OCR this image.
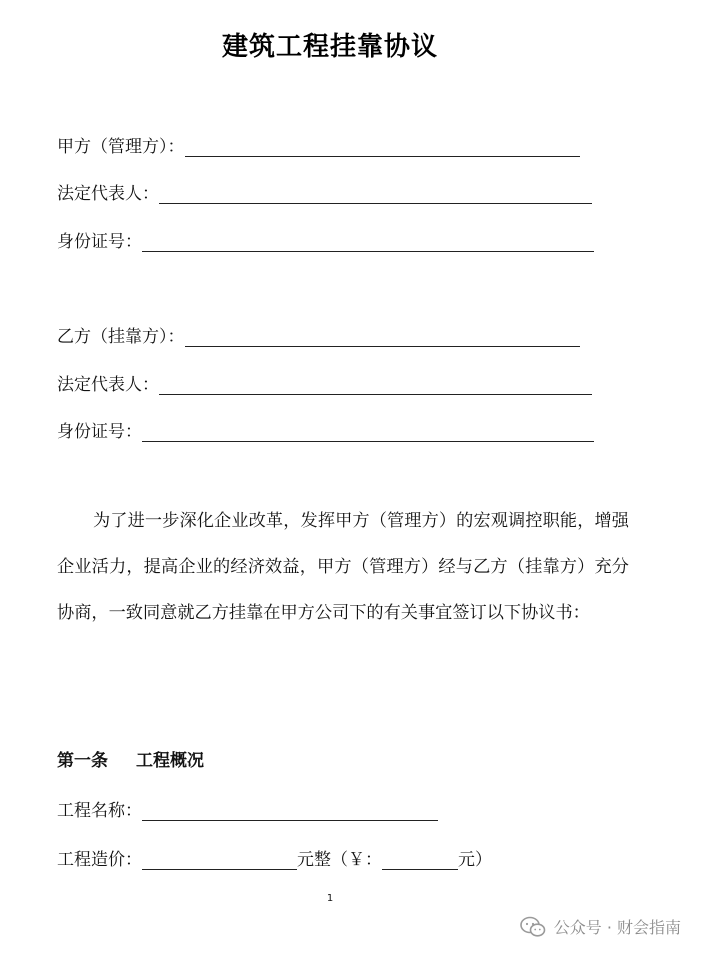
建筑工程挂靠协议
甲方（管理方）：
法定代表人：
身份证号：
乙方（挂靠方）：
法定代表人：
身份证号：
为了进一步深化企业改革，发挥甲方（管理方）的宏观调控职能，增强企业活力，提高企业的经济效益，甲方（管理方）经与乙方（挂靠方）充分协商，一致同意就乙方挂靠在甲方公司下的有关事宜签订以下协议书：
第一条 工程概况
工程名称：
工程造价：	元整（￥：	元）
1
公众号 · 财会指南
